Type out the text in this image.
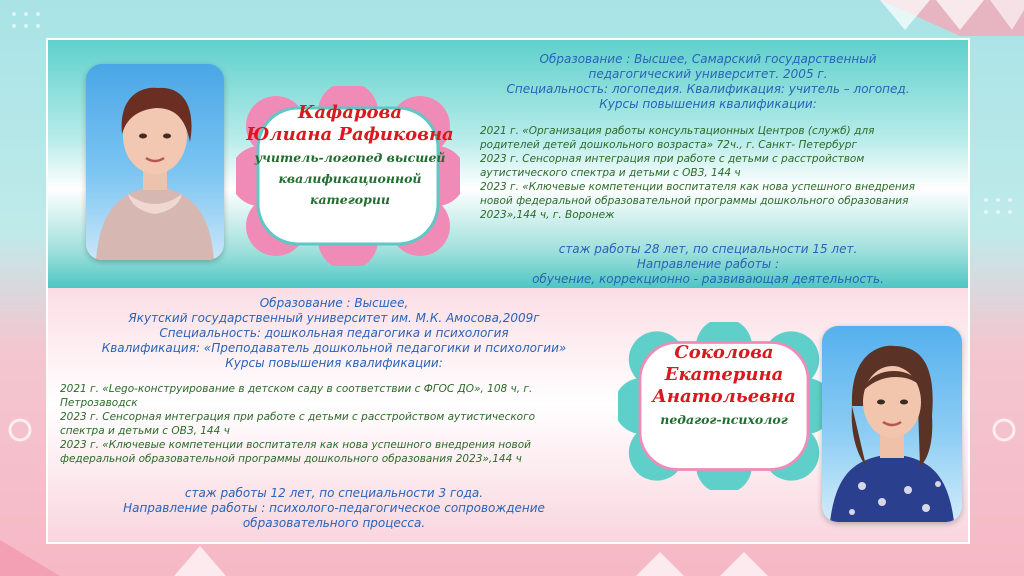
Кафарова
Юлиана Рафиковна
учитель-логопед высшей
квалификационной
категории
Образование : Высшее, Самарский государственный
педагогический университет. 2005 г.
Специальность: логопедия. Квалификация: учитель – логопед.
Курсы повышения квалификации:
2021 г. «Организация работы консультационных Центров (служб) для
родителей детей дошкольного возраста» 72ч., г. Санкт- Петербург
2023 г. Сенсорная интеграция при работе с детьми с расстройством
аутистического спектра и детьми с ОВЗ, 144 ч
2023 г. «Ключевые компетенции воспитателя как нова успешного внедрения
новой федеральной образовательной программы дошкольного образования
2023»,144 ч, г. Воронеж
стаж работы 28 лет, по специальности 15 лет.
Направление работы :
обучение, коррекционно - развивающая деятельность.
Образование : Высшее,
Якутский государственный университет им. М.К. Амосова,2009г
Специальность: дошкольная педагогика и психология
Квалификация: «Преподаватель дошкольной педагогики и психологии»
Курсы повышения квалификации:
2021 г. «Lego-конструирование в детском саду в соответствии с ФГОС ДО», 108 ч, г.
Петрозаводск
2023 г. Сенсорная интеграция при работе с детьми с расстройством аутистического
спектра и детьми с ОВЗ, 144 ч
2023 г. «Ключевые компетенции воспитателя как нова успешного внедрения новой
федеральной образовательной программы дошкольного образования 2023»,144 ч
стаж работы 12 лет, по специальности 3 года.
Направление работы : психолого-педагогическое сопровождение
образовательного процесса.
Соколова
Екатерина
Анатольевна
педагог-психолог
